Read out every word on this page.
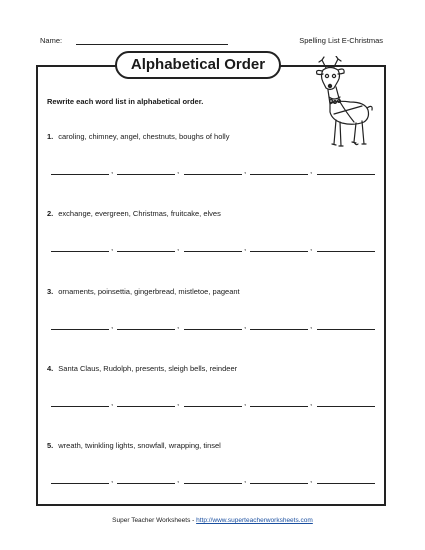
Name:	Spelling List E-Christmas
Alphabetical Order
Rewrite each word list in alphabetical order.
1. caroling, chimney, angel, chestnuts, boughs of holly
,	,	,	,
2. exchange, evergreen, Christmas, fruitcake, elves
,	,	,	,
3. ornaments, poinsettia, gingerbread, mistletoe, pageant
,	,	,	,
4. Santa Claus, Rudolph, presents, sleigh bells, reindeer
,	,	,	,
5. wreath, twinkling lights, snowfall, wrapping, tinsel
,	,	,	,
Super Teacher Worksheets - http://www.superteacherworksheets.com
